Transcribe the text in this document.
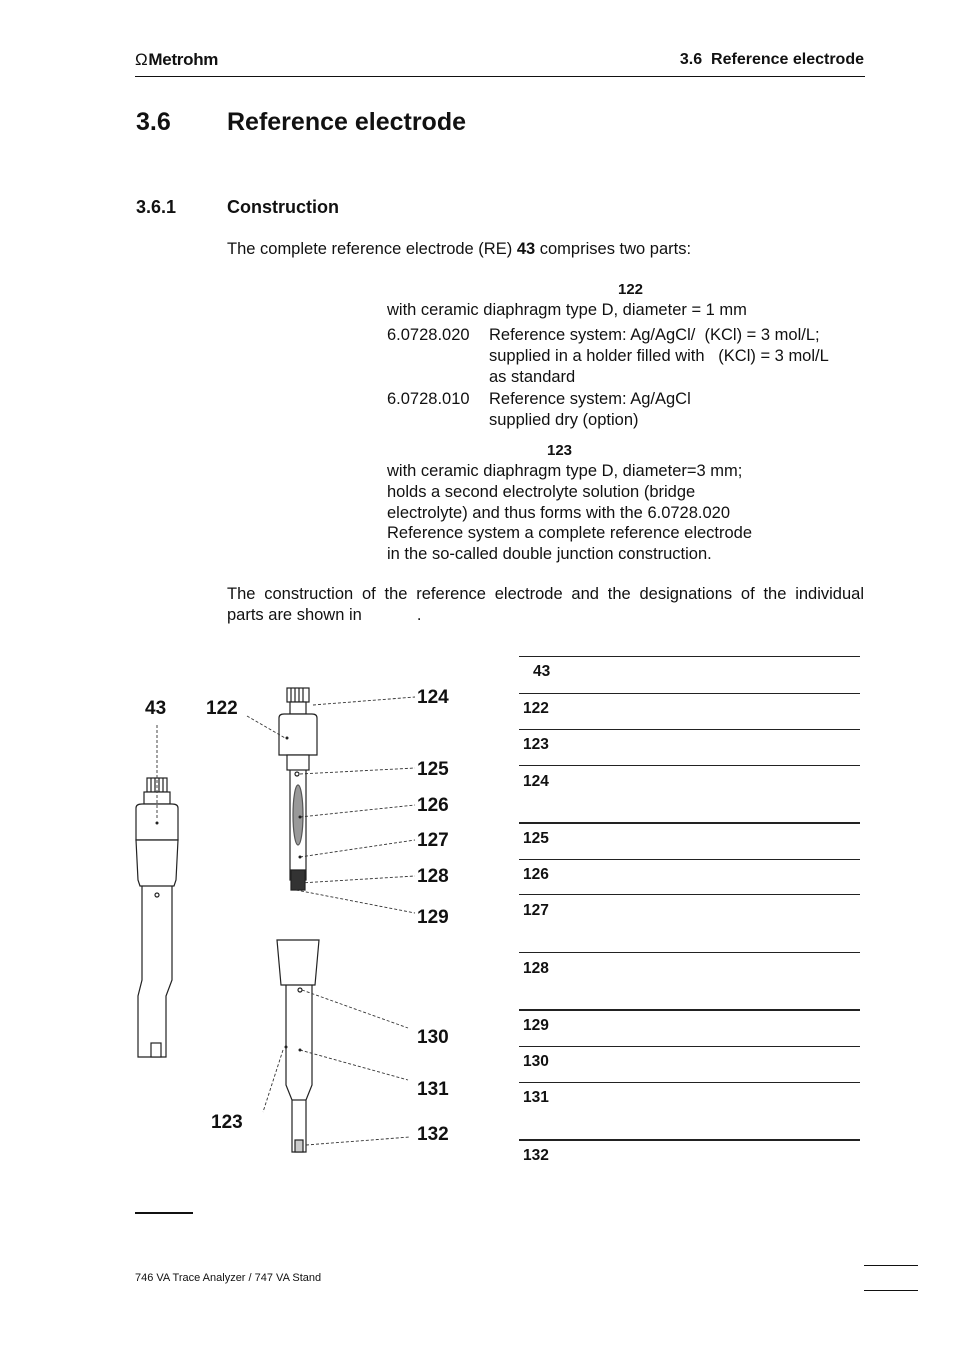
ΩMetrohm	3.6  Reference electrode
3.6 Reference electrode
3.6.1	Construction
The complete reference electrode (RE) 43 comprises two parts:
122
with ceramic diaphragm type D, diameter = 1 mm
6.0728.020 Reference system: Ag/AgCl/  (KCl) = 3 mol/L;
supplied in a holder filled with   (KCl) = 3 mol/L
as standard
6.0728.010 Reference system: Ag/AgCl
supplied dry (option)
123
with ceramic diaphragm type D, diameter=3 mm;
holds a second electrolyte solution (bridge
electrolyte) and thus forms with the 6.0728.020
Reference system a complete reference electrode
in the so-called double junction construction.
The construction of the reference electrode and the designations of the individual
parts are shown in            .
43 122
124
125
126
127
128
129
130
131
123
132
43
122
123
124
125
126
127
128
129
130
131
132
746 VA Trace Analyzer / 747 VA Stand
